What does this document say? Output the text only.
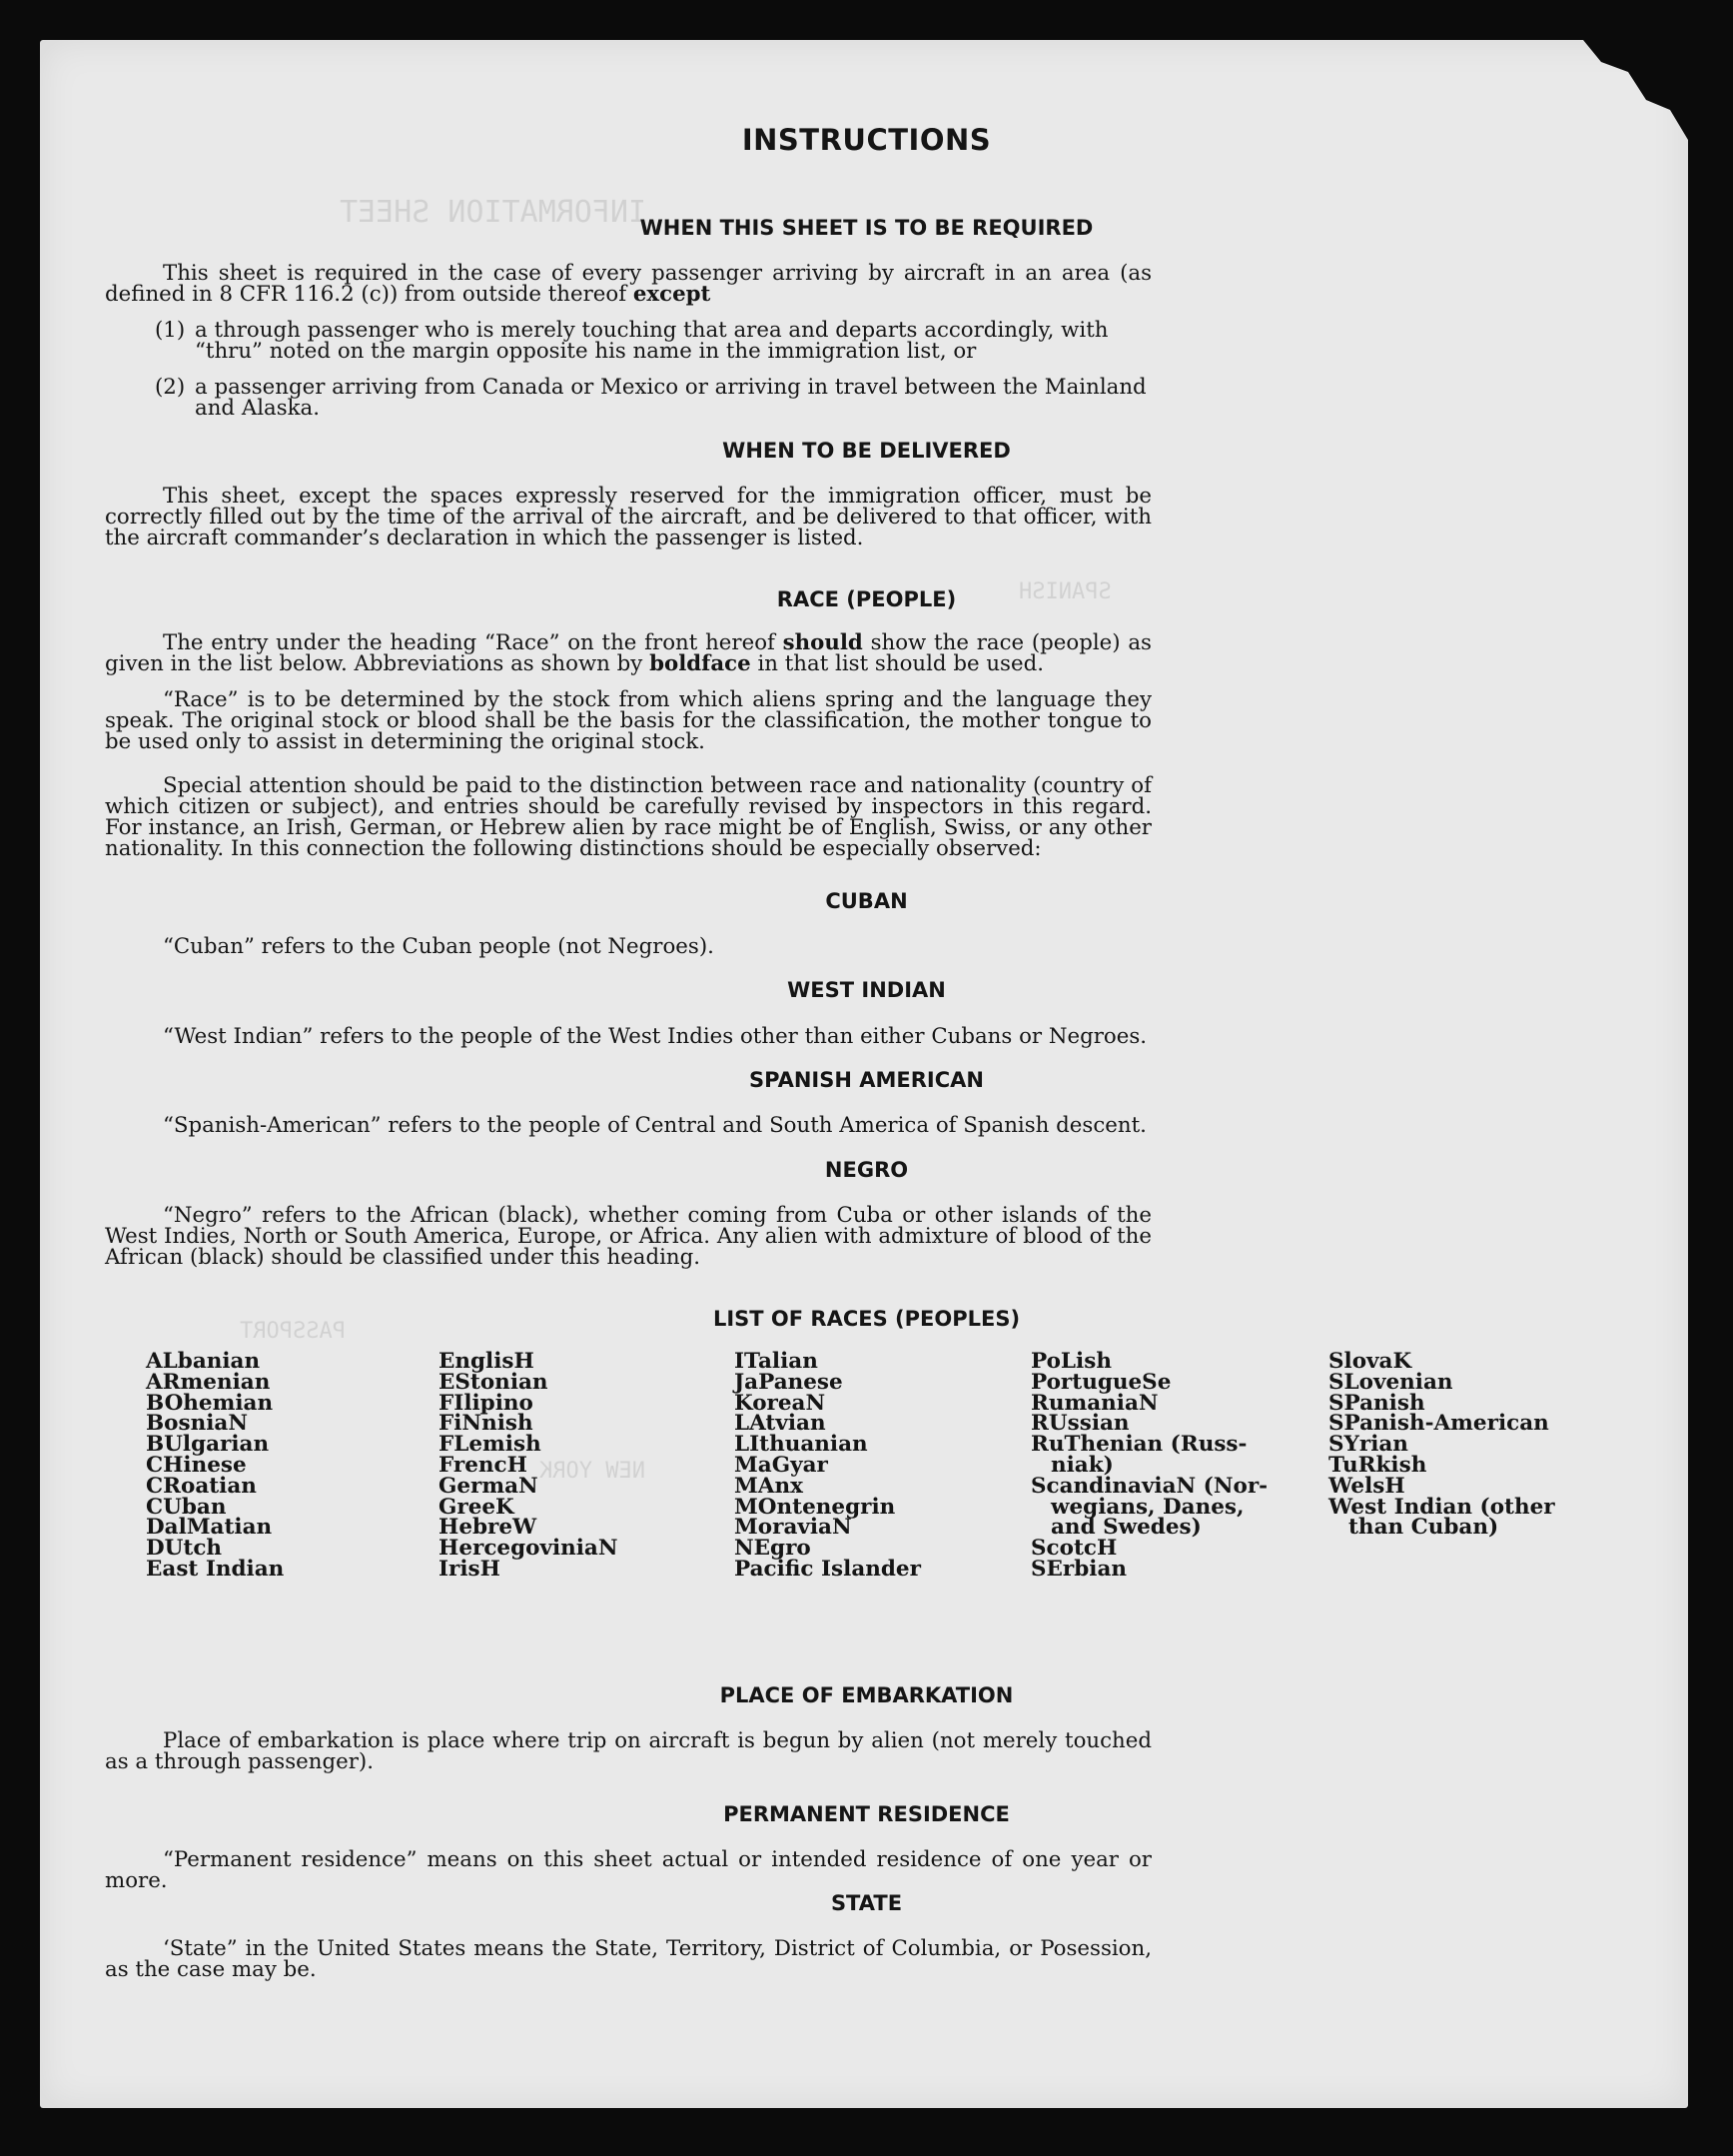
INFORMATION SHEET
SPANISH
PASSPORT
NEW YORK
INSTRUCTIONS
WHEN THIS SHEET IS TO BE REQUIRED
This sheet is required in the case of every passenger arriving by aircraft in an area (as defined in 8 CFR 116.2 (c)) from outside thereof except
(1) a through passenger who is merely touching that area and departs accordingly, with “thru” noted on the margin opposite his name in the immigration list, or
(2) a passenger arriving from Canada or Mexico or arriving in travel between the Mainland and Alaska.
WHEN TO BE DELIVERED
This sheet, except the spaces expressly reserved for the immigration officer, must be correctly filled out by the time of the arrival of the aircraft, and be delivered to that officer, with the aircraft commander’s declaration in which the passenger is listed.
RACE (PEOPLE)
The entry under the heading “Race” on the front hereof should show the race (people) as given in the list below. Abbreviations as shown by boldface in that list should be used.
“Race” is to be determined by the stock from which aliens spring and the language they speak. The original stock or blood shall be the basis for the classification, the mother tongue to be used only to assist in determining the original stock.
Special attention should be paid to the distinction between race and nationality (country of which citizen or subject), and entries should be carefully revised by inspectors in this regard. For instance, an Irish, German, or Hebrew alien by race might be of English, Swiss, or any other nationality. In this connection the following distinctions should be especially observed:
CUBAN
“Cuban” refers to the Cuban people (not Negroes).
WEST INDIAN
“West Indian” refers to the people of the West Indies other than either Cubans or Negroes.
SPANISH AMERICAN
“Spanish-American” refers to the people of Central and South America of Spanish descent.
NEGRO
“Negro” refers to the African (black), whether coming from Cuba or other islands of the West Indies, North or South America, Europe, or Africa. Any alien with admixture of blood of the African (black) should be classified under this heading.
LIST OF RACES (PEOPLES)
ALbanian
ARmenian
BOhemian
BosniaN
BUlgarian
CHinese
CRoatian
CUban
DalMatian
DUtch
East Indian
EnglisH
EStonian
FIlipino
FiNnish
FLemish
FrencH
GermaN
GreeK
HebreW
HercegoviniaN
IrisH
ITalian
JaPanese
KoreaN
LAtvian
LIthuanian
MaGyar
MAnx
MOntenegrin
MoraviaN
NEgro
Pacific Islander
PoLish
PortugueSe
RumaniaN
RUssian
RuThenian (Russ-
niak)
ScandinaviaN (Nor-
wegians, Danes,
and Swedes)
ScotcH
SErbian
SlovaK
SLovenian
SPanish
SPanish-American
SYrian
TuRkish
WelsH
West Indian (other
than Cuban)
PLACE OF EMBARKATION
Place of embarkation is place where trip on aircraft is begun by alien (not merely touched as a through passenger).
PERMANENT RESIDENCE
“Permanent residence” means on this sheet actual or intended residence of one year or more.
STATE
‘State” in the United States means the State, Territory, District of Columbia, or Posession, as the case may be.
